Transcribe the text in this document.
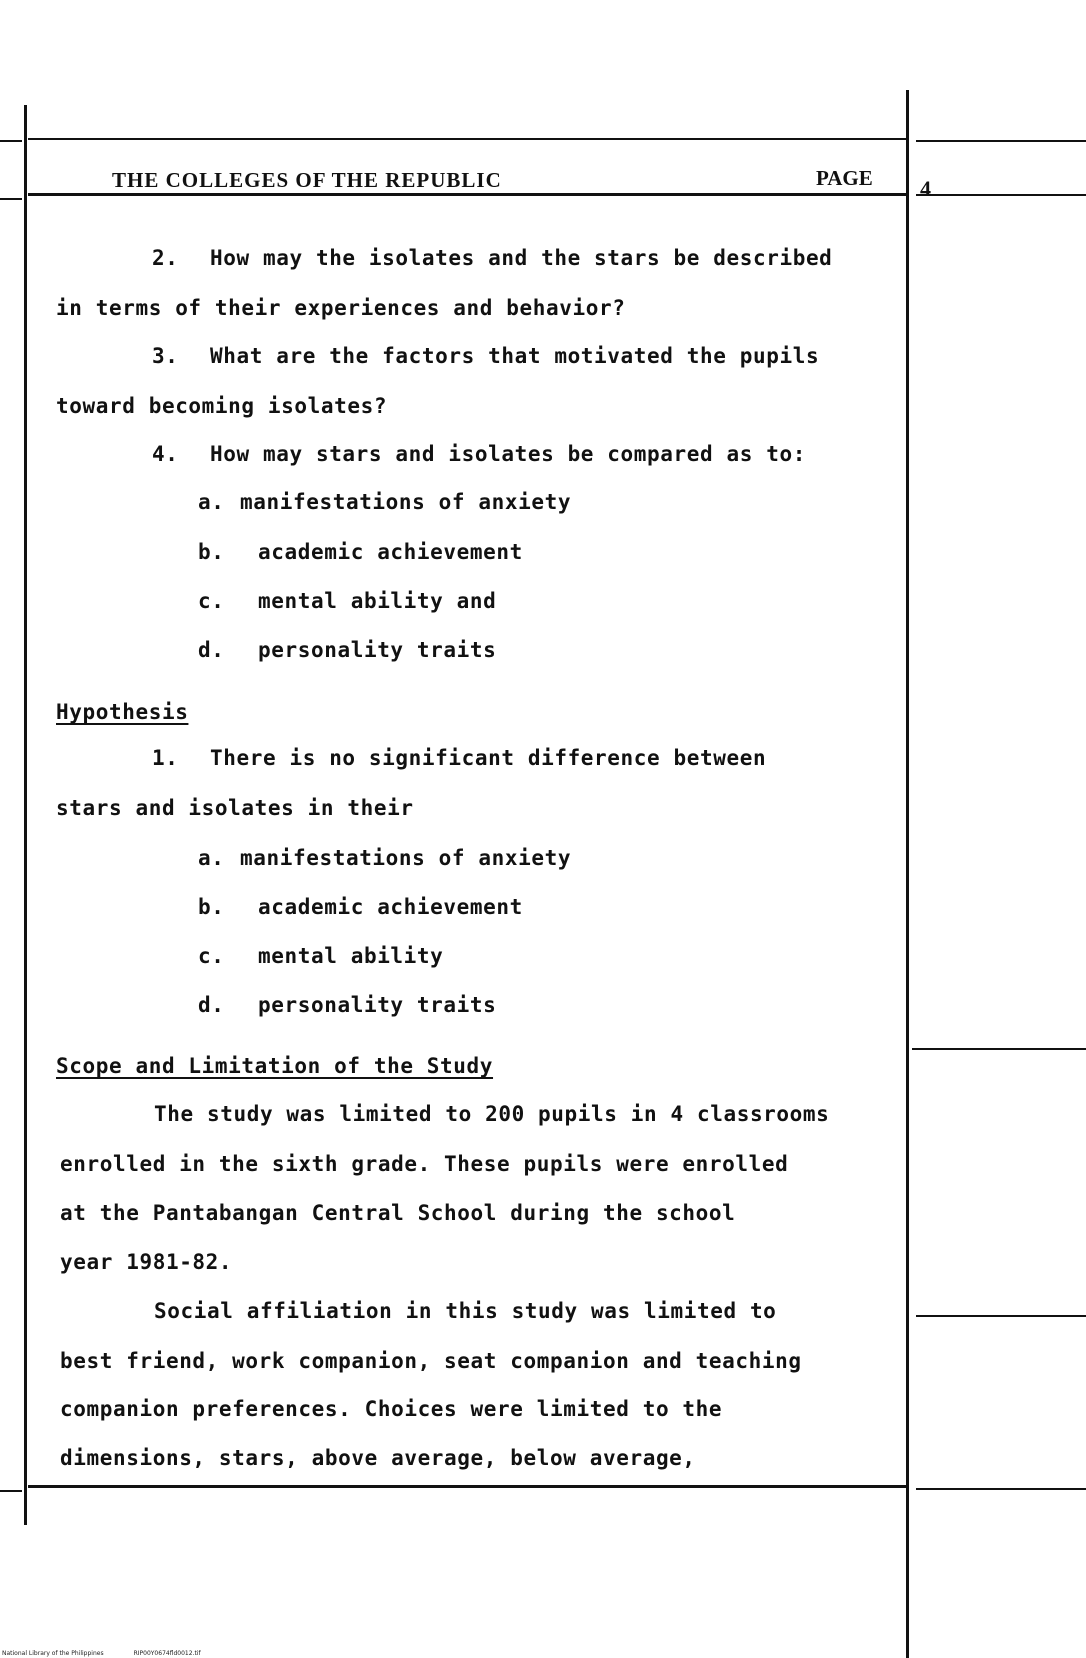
THE COLLEGES OF THE REPUBLIC	PAGE 4
2. How may the isolates and the stars be described
in terms of their experiences and behavior?
3. What are the factors that motivated the pupils
toward becoming isolates?
4. How may stars and isolates be compared as to:
a. manifestations of anxiety
b. academic achievement
c. mental ability and
d. personality traits
Hypothesis
1. There is no significant difference between
stars and isolates in their
a. manifestations of anxiety
b. academic achievement
c. mental ability
d. personality traits
Scope and Limitation of the Study
The study was limited to 200 pupils in 4 classrooms
enrolled in the sixth grade. These pupils were enrolled
at the Pantabangan Central School during the school
year 1981-82.
Social affiliation in this study was limited to
best friend, work companion, seat companion and teaching
companion preferences. Choices were limited to the
dimensions, stars, above average, below average,
National Library of the Philippines	RIP00Y0674fld0012.tif
